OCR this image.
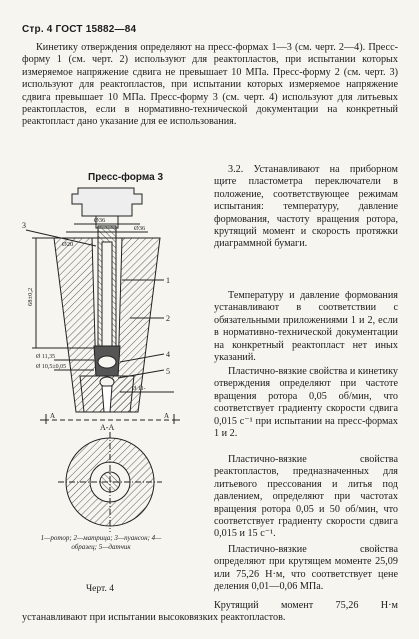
Стр. 4 ГОСТ 15882—84
Кинетику отверждения определяют на пресс-формах 1—3 (см. черт. 2—4). Пресс-форму 1 (см. черт. 2) используют для реактопластов, при испытании которых измеряемое напряжение сдвига не превышает 10 МПа. Пресс-форму 2 (см. черт. 3) используют для реактопластов, при испытании которых измеряемое напряжение сдвига превышает 10 МПа. Пресс-форму 3 (см. черт. 4) используют для литьевых реактопластов, если в нормативно-технической документации на конкретный реактопласт дано указание для ее использования.
Пресс-форма 3
3
1
2
4
5
Ø36
Ø20
Ø36
68±0,2
Ø 11,35
Ø 10,5±0,05
Ø 11-
А-А
А	А
1—ротор; 2—матрица; 3—пуансон; 4—образец; 5—датчик
Черт. 4
3.2. Устанавливают на приборном щите пластометра переключатели в положение, соответствующее режимам испытания: температуру, давление формования, частоту вращения ротора, крутящий момент и скорость протяжки диаграммной бумаги.
Температуру и давление формования устанавливают в соответствии с обязательными приложениями 1 и 2, если в нормативно-технической документации на конкретный реактопласт нет иных указаний.
Пластично-вязкие свойства и кинетику отверждения определяют при частоте вращения ротора 0,05 об/мин, что соответствует градиенту скорости сдвига 0,015 с⁻¹ при испытании на пресс-формах 1 и 2.
Пластично-вязкие свойства реактопластов, предназначенных для литьевого прессования и литья под давлением, определяют при частотах вращения ротора 0,05 и 50 об/мин, что соответствует градиенту скорости сдвига 0,015 и 15 с⁻¹.
Пластично-вязкие свойства определяют при крутящем моменте 25,09 или 75,26 Н·м, что соответствует цене деления 0,01—0,06 МПа.
Крутящий момент 75,26 Н·м устанавливают при испытании высоковязких реактопластов.
